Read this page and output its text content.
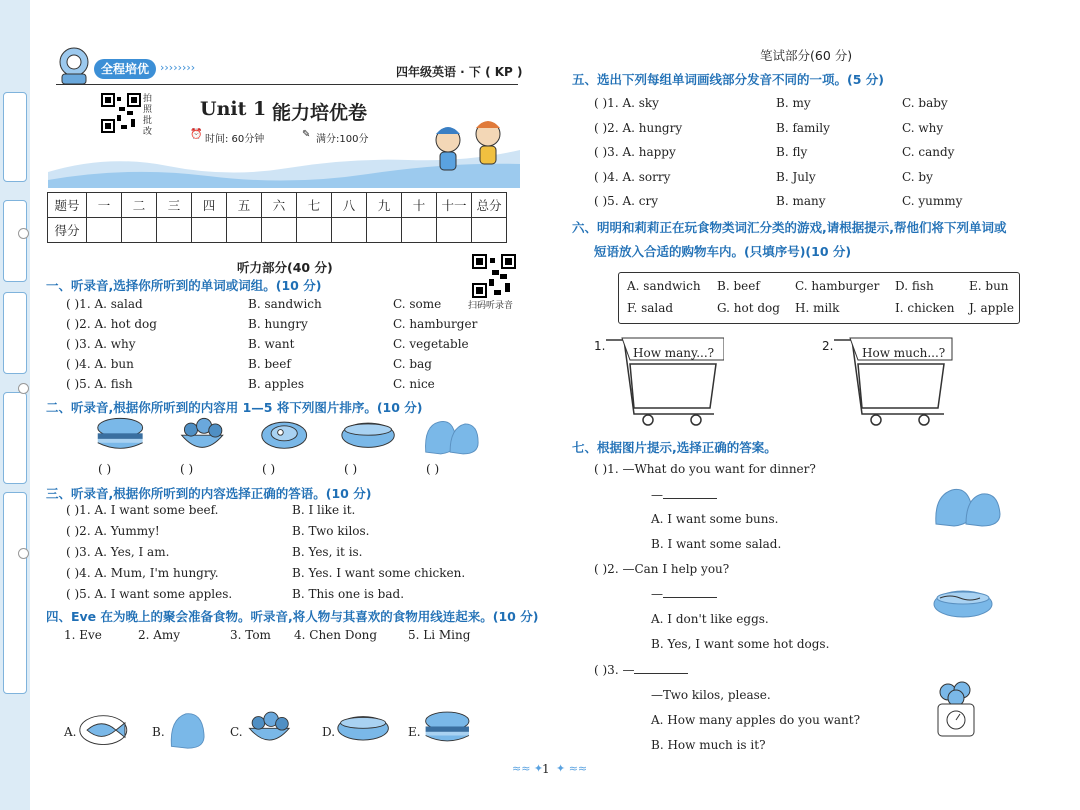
全程培优	››››››››	四年级英语 · 下 ( KP )
拍照批改
Unit 1 能力培优卷
⏰ 时间: 60分钟	✎ 满分:100分
题号	一	二	三	四	五	六	七	八	九	十	十一	总分
得分												
听力部分(40 分)
扫码听录音
一、听录音,选择你所听到的单词或词组。(10 分)
( )1. A. salad	B. sandwich	C. some
( )2. A. hot dog	B. hungry	C. hamburger
( )3. A. why	B. want	C. vegetable
( )4. A. bun	B. beef	C. bag
( )5. A. fish	B. apples	C. nice
二、听录音,根据你所听到的内容用 1—5 将下列图片排序。(10 分)
( )	( )	( )	( )	( )
三、听录音,根据你所听到的内容选择正确的答语。(10 分)
( )1. A. I want some beef.	B. I like it.
( )2. A. Yummy!	B. Two kilos.
( )3. A. Yes, I am.	B. Yes, it is.
( )4. A. Mum, I'm hungry.	B. Yes. I want some chicken.
( )5. A. I want some apples.	B. This one is bad.
四、Eve 在为晚上的聚会准备食物。听录音,将人物与其喜欢的食物用线连起来。(10 分)
1. Eve	2. Amy	3. Tom 4. Chen Dong	5. Li Ming
A.	B.	C.	D.	E.
笔试部分(60 分)
五、选出下列每组单词画线部分发音不同的一项。(5 分)
( )1. A. sky	B. my	C. baby
( )2. A. hungry	B. family	C. why
( )3. A. happy	B. fly	C. candy
( )4. A. sorry	B. July	C. by
( )5. A. cry	B. many	C. yummy
六、明明和莉莉正在玩食物类词汇分类的游戏,请根据提示,帮他们将下列单词或
短语放入合适的购物车内。(只填序号)(10 分)
A. sandwich B. beef	C. hamburger D. fish	E. bun
F. salad	G. hot dog H. milk	I. chicken J. apple
1. How many...?	2. How much...?
七、根据图片提示,选择正确的答案。
( )1. —What do you want for dinner?
—
A. I want some buns.
B. I want some salad.
( )2. —Can I help you?
—
A. I don't like eggs.
B. Yes, I want some hot dogs.
( )3. —
—Two kilos, please.
A. How many apples do you want?
B. How much is it?
≈≈ ✦
1 ✦ ≈≈
